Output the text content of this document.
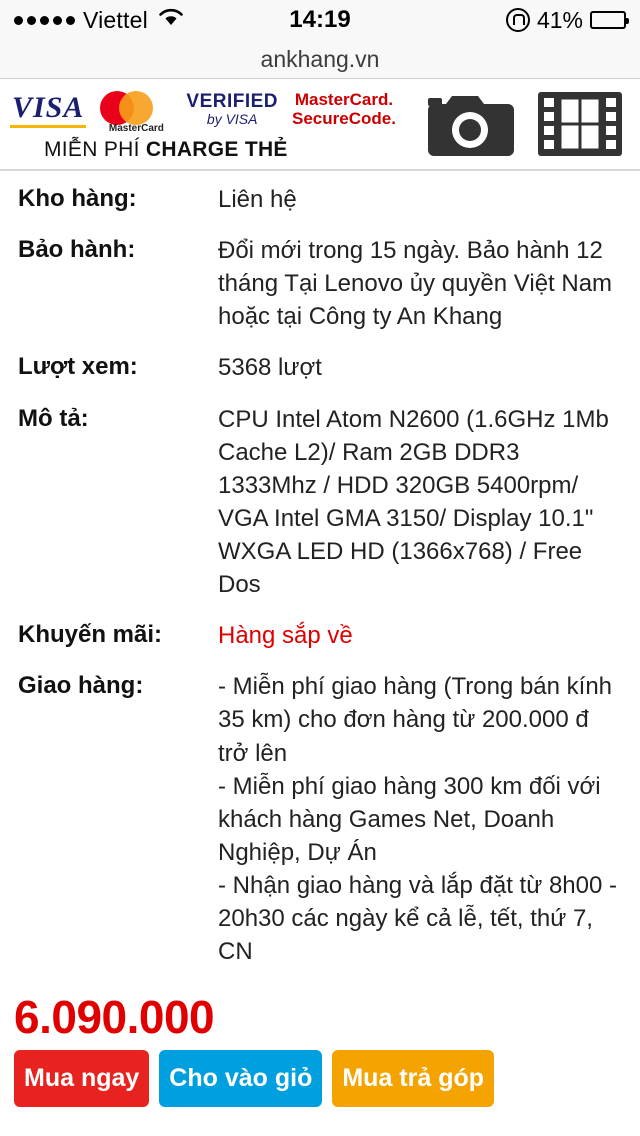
Viettel	14:19	41%
ankhang.vn
VISA
MasterCard
VERIFIED
by VISA
MasterCard.
SecureCode.
MIỄN PHÍ CHARGE THẺ
Kho hàng:	Liên hệ
Bảo hành:	Đổi mới trong 15 ngày. Bảo hành 12 tháng Tại Lenovo ủy quyền Việt Nam hoặc tại Công ty An Khang
Lượt xem:	5368 lượt
Mô tả:	CPU Intel Atom N2600 (1.6GHz 1Mb Cache L2)/ Ram 2GB DDR3 1333Mhz / HDD 320GB 5400rpm/ VGA Intel GMA 3150/ Display 10.1" WXGA LED HD (1366x768) / Free Dos
Khuyến mãi:	Hàng sắp về
Giao hàng:	- Miễn phí giao hàng (Trong bán kính 35 km) cho đơn hàng từ 200.000 đ trở lên
- Miễn phí giao hàng 300 km đối với khách hàng Games Net, Doanh Nghiệp, Dự Án
- Nhận giao hàng và lắp đặt từ 8h00 - 20h30 các ngày kể cả lễ, tết, thứ 7, CN
6.090.000
Mua ngay	Cho vào giỏ	Mua trả góp
